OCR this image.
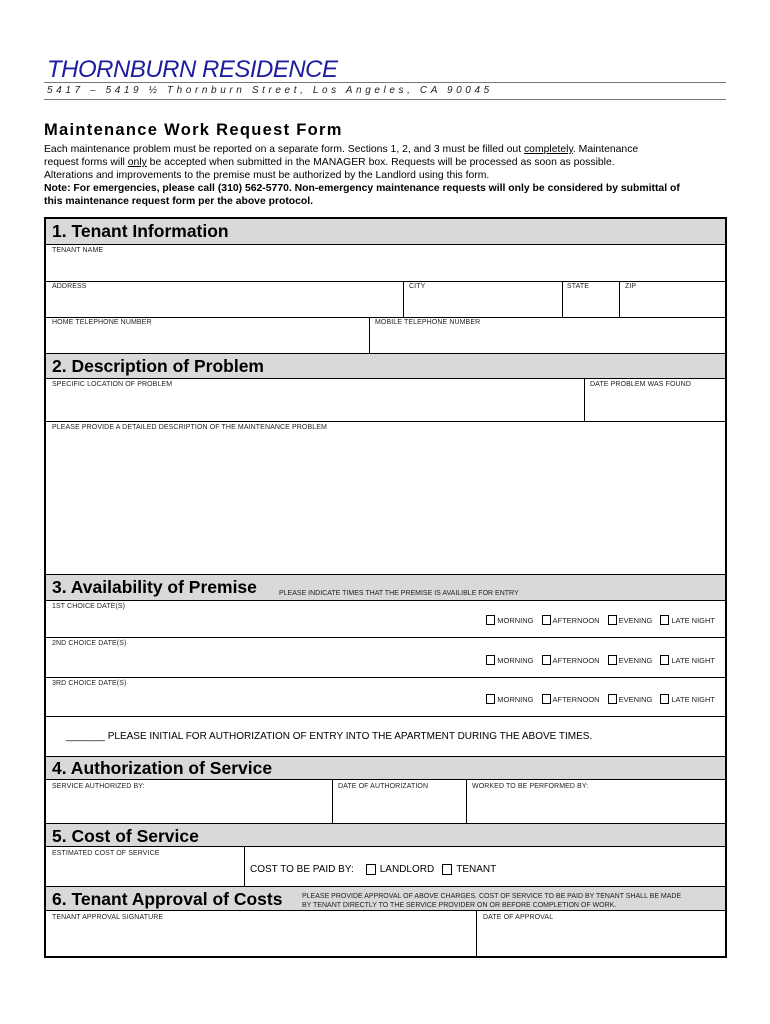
THORNBURN RESIDENCE
5417 – 5419 ½ Thornburn Street, Los Angeles, CA 90045
Maintenance Work Request Form
Each maintenance problem must be reported on a separate form. Sections 1, 2, and 3 must be filled out completely. Maintenance
request forms will only be accepted when submitted in the MANAGER box. Requests will be processed as soon as possible.
Alterations and improvements to the premise must be authorized by the Landlord using this form.
Note: For emergencies, please call (310) 562-5770. Non-emergency maintenance requests will only be considered by submittal of this maintenance request form per the above protocol.
1. Tenant Information
TENANT NAME
ADDRESS	CITY	STATE	ZIP
HOME TELEPHONE NUMBER	MOBILE TELEPHONE NUMBER
2. Description of Problem
SPECIFIC LOCATION OF PROBLEM	DATE PROBLEM WAS FOUND
PLEASE PROVIDE A DETAILED DESCRIPTION OF THE MAINTENANCE PROBLEM
3. Availability of Premise	PLEASE INDICATE TIMES THAT THE PREMISE IS AVAILIBLE FOR ENTRY
1ST CHOICE DATE(S)
MORNING	AFTERNOON	EVENING	LATE NIGHT
2ND CHOICE DATE(S)
MORNING	AFTERNOON	EVENING	LATE NIGHT
3RD CHOICE DATE(S)
MORNING	AFTERNOON	EVENING	LATE NIGHT
_______ PLEASE INITIAL FOR AUTHORIZATION OF ENTRY INTO THE APARTMENT DURING THE ABOVE TIMES.
4. Authorization of Service
SERVICE AUTHORIZED BY:	DATE OF AUTHORIZATION	WORKED TO BE PERFORMED BY:
5. Cost of Service
ESTIMATED COST OF SERVICE
COST TO BE PAID BY:	LANDLORD TENANT
6. Tenant Approval of Costs	PLEASE PROVIDE APPROVAL OF ABOVE CHARGES. COST OF SERVICE TO BE PAID BY TENANT SHALL BE MADE
BY TENANT DIRECTLY TO THE SERVICE PROVIDER ON OR BEFORE COMPLETION OF WORK.
TENANT APPROVAL SIGNATURE	DATE OF APPROVAL
